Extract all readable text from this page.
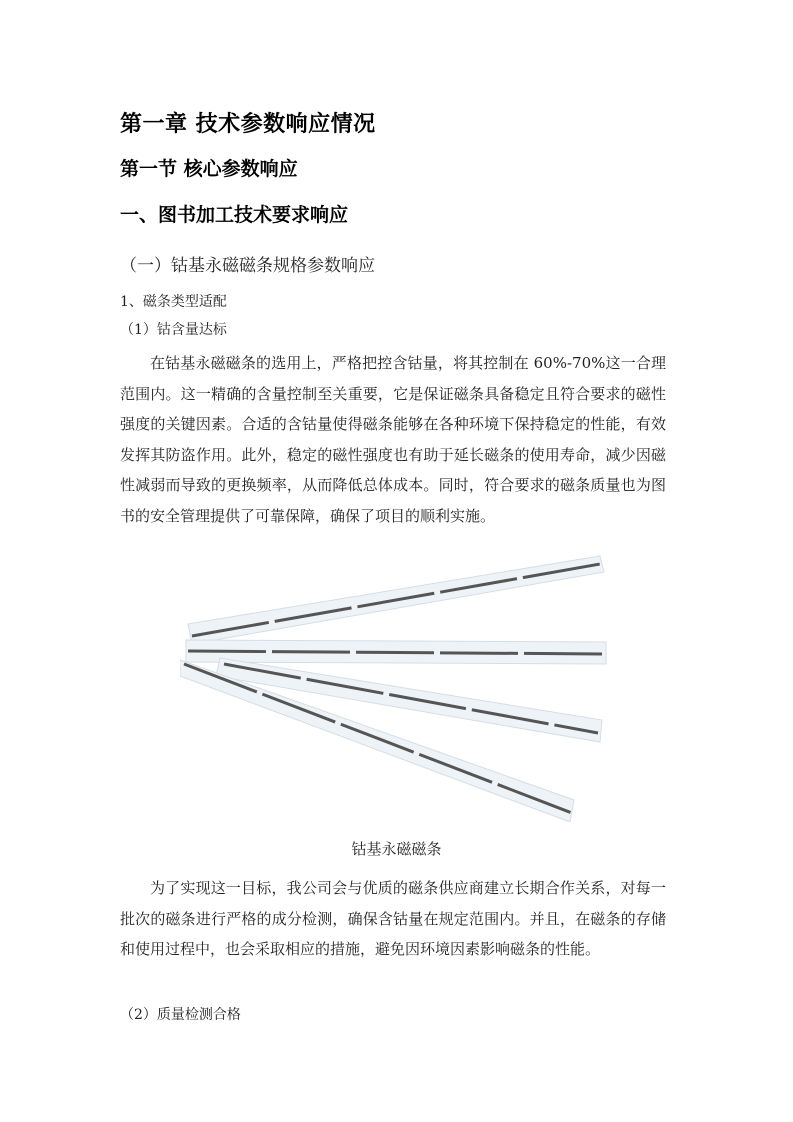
第一章 技术参数响应情况
第一节 核心参数响应
一、图书加工技术要求响应
（一）钴基永磁磁条规格参数响应
1、磁条类型适配
（1）钴含量达标

在钴基永磁磁条的选用上，严格把控含钴量，将其控制在 60%-70%这一合理范围内。这一精确的含量控制至关重要，它是保证磁条具备稳定且符合要求的磁性强度的关键因素。合适的含钴量使得磁条能够在各种环境下保持稳定的性能，有效发挥其防盗作用。此外，稳定的磁性强度也有助于延长磁条的使用寿命，减少因磁性减弱而导致的更换频率，从而降低总体成本。同时，符合要求的磁条质量也为图书的安全管理提供了可靠保障，确保了项目的顺利实施。

钴基永磁磁条

为了实现这一目标，我公司会与优质的磁条供应商建立长期合作关系，对每一批次的磁条进行严格的成分检测，确保含钴量在规定范围内。并且，在磁条的存储和使用过程中，也会采取相应的措施，避免因环境因素影响磁条的性能。

（2）质量检测合格
